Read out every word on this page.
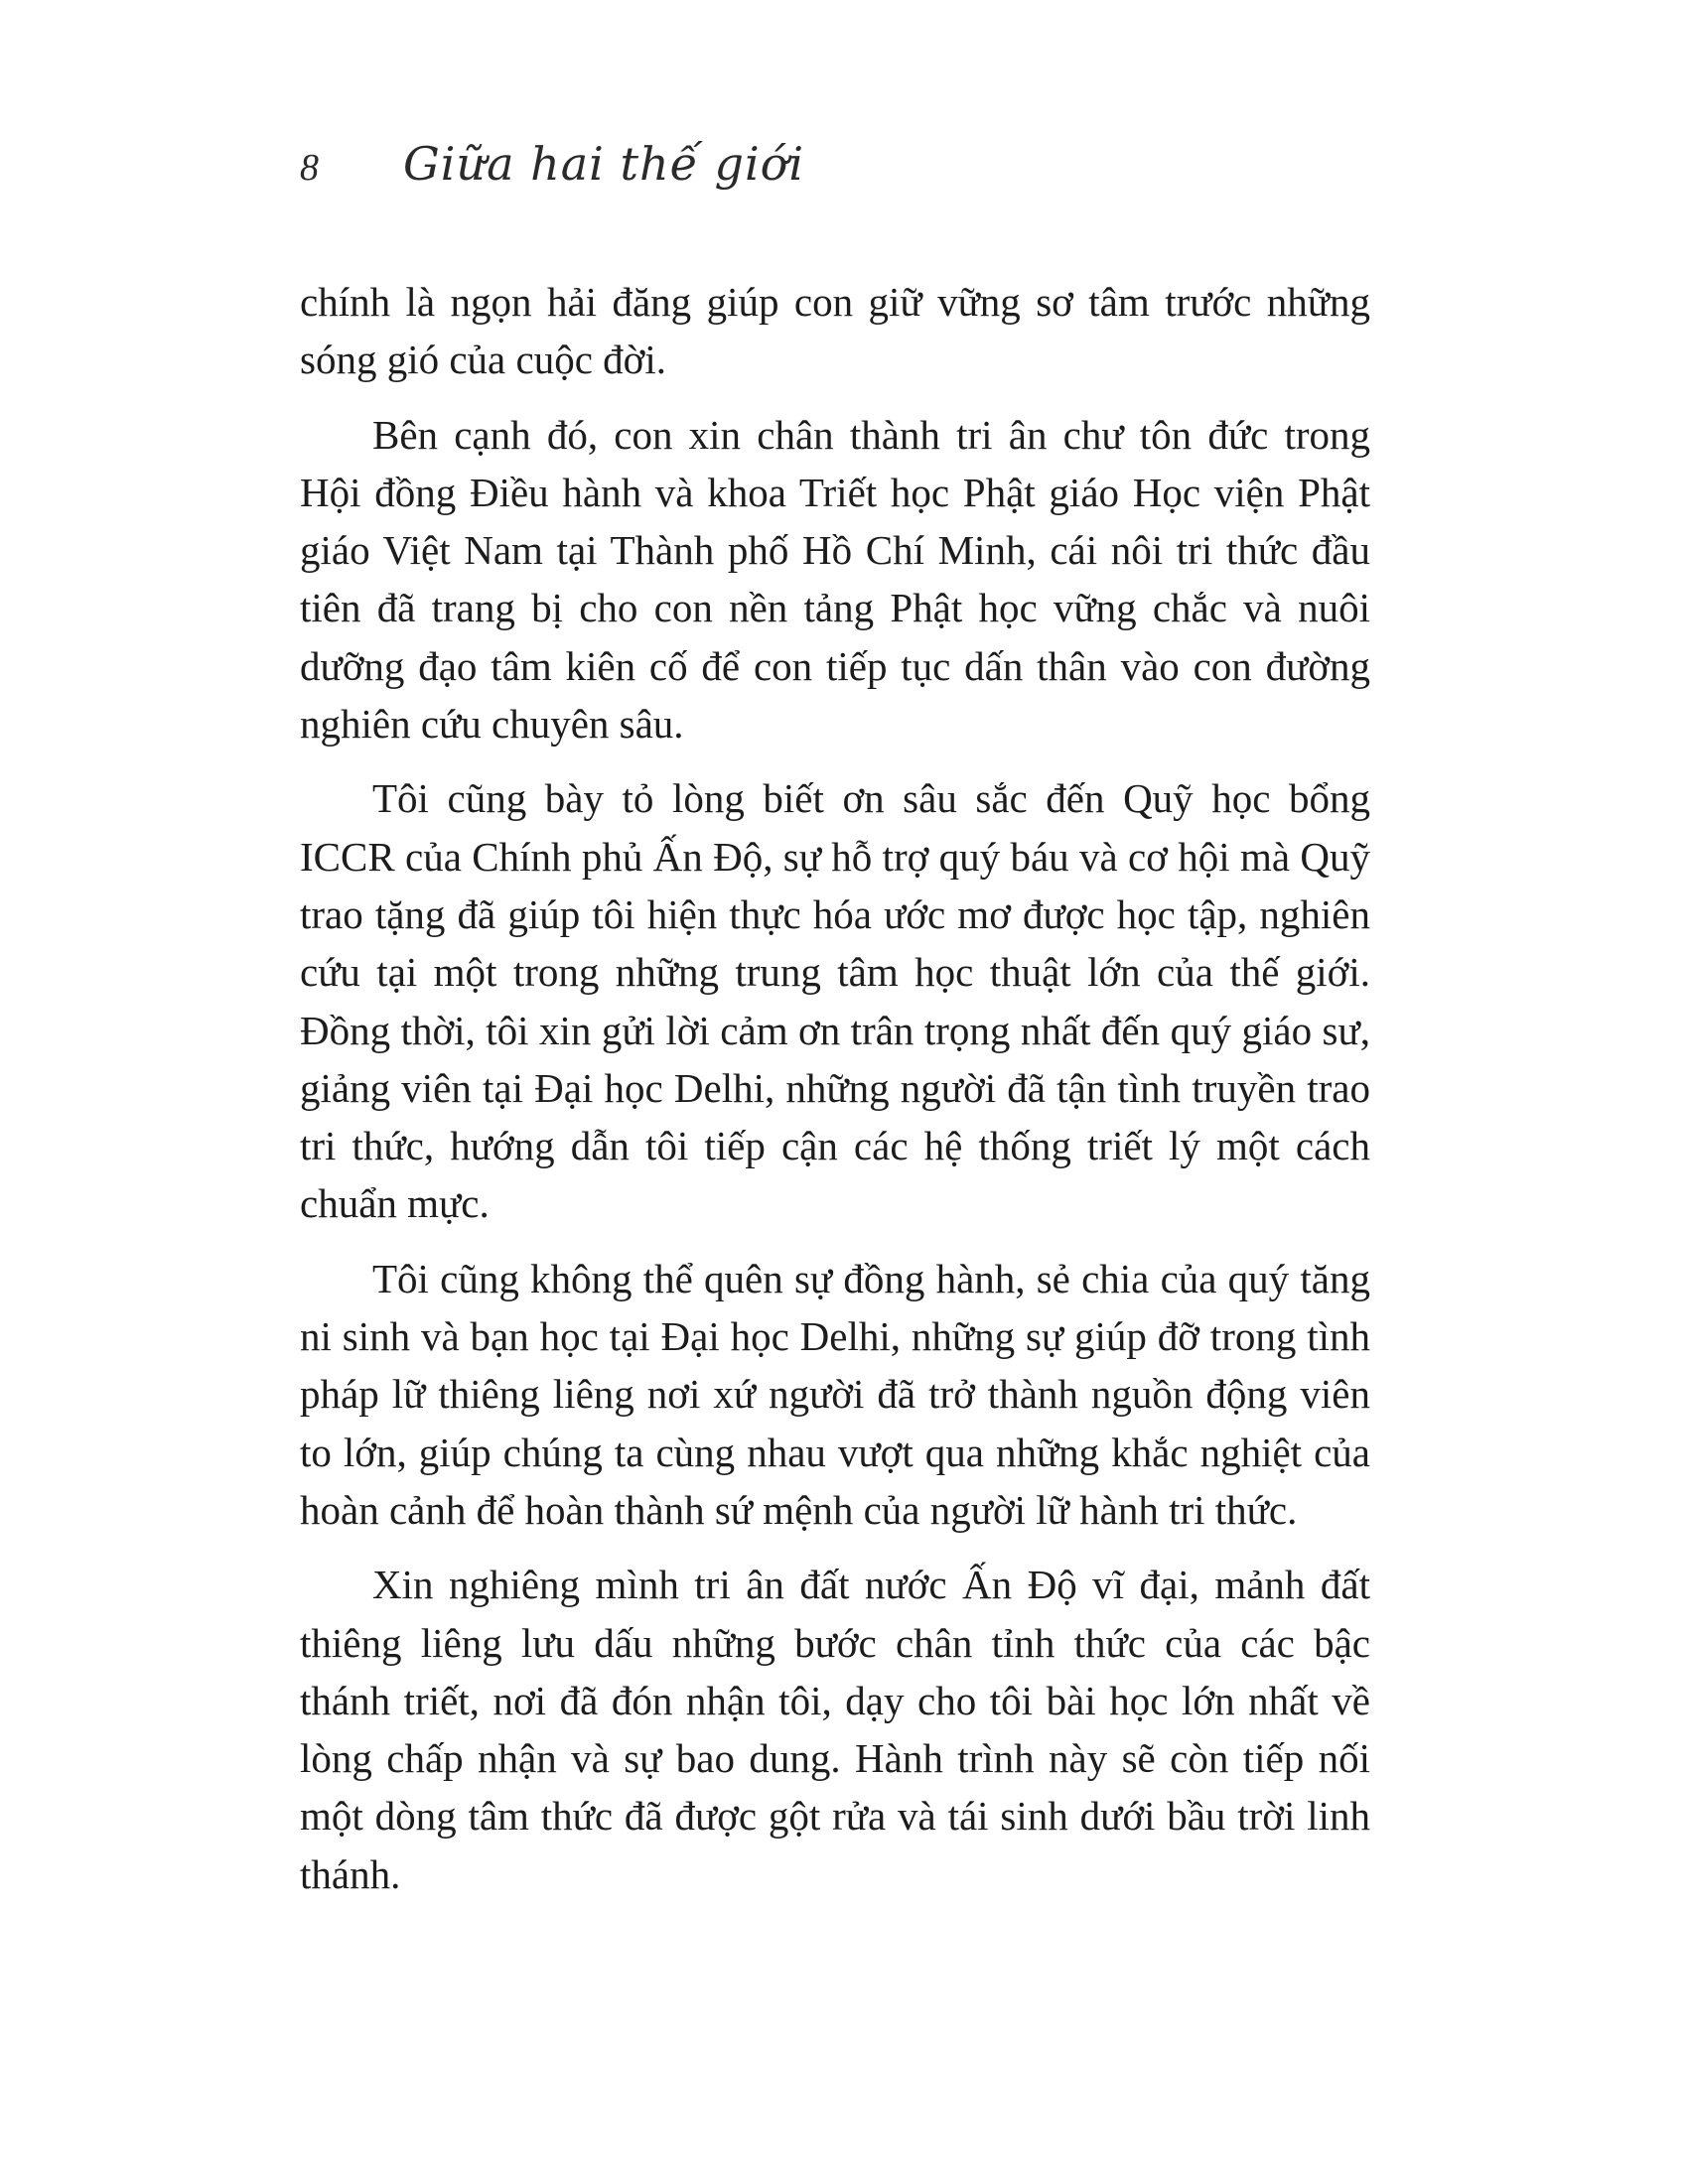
8	Giữa hai thế giới

chính là ngọn hải đăng giúp con giữ vững sơ tâm trước những sóng gió của cuộc đời.

Bên cạnh đó, con xin chân thành tri ân chư tôn đức trong Hội đồng Điều hành và khoa Triết học Phật giáo Học viện Phật giáo Việt Nam tại Thành phố Hồ Chí Minh, cái nôi tri thức đầu tiên đã trang bị cho con nền tảng Phật học vững chắc và nuôi dưỡng đạo tâm kiên cố để con tiếp tục dấn thân vào con đường nghiên cứu chuyên sâu.

Tôi cũng bày tỏ lòng biết ơn sâu sắc đến Quỹ học bổng ICCR của Chính phủ Ấn Độ, sự hỗ trợ quý báu và cơ hội mà Quỹ trao tặng đã giúp tôi hiện thực hóa ước mơ được học tập, nghiên cứu tại một trong những trung tâm học thuật lớn của thế giới. Đồng thời, tôi xin gửi lời cảm ơn trân trọng nhất đến quý giáo sư, giảng viên tại Đại học Delhi, những người đã tận tình truyền trao tri thức, hướng dẫn tôi tiếp cận các hệ thống triết lý một cách chuẩn mực.

Tôi cũng không thể quên sự đồng hành, sẻ chia của quý tăng ni sinh và bạn học tại Đại học Delhi, những sự giúp đỡ trong tình pháp lữ thiêng liêng nơi xứ người đã trở thành nguồn động viên to lớn, giúp chúng ta cùng nhau vượt qua những khắc nghiệt của hoàn cảnh để hoàn thành sứ mệnh của người lữ hành tri thức.

Xin nghiêng mình tri ân đất nước Ấn Độ vĩ đại, mảnh đất thiêng liêng lưu dấu những bước chân tỉnh thức của các bậc thánh triết, nơi đã đón nhận tôi, dạy cho tôi bài học lớn nhất về lòng chấp nhận và sự bao dung. Hành trình này sẽ còn tiếp nối một dòng tâm thức đã được gột rửa và tái sinh dưới bầu trời linh thánh.
